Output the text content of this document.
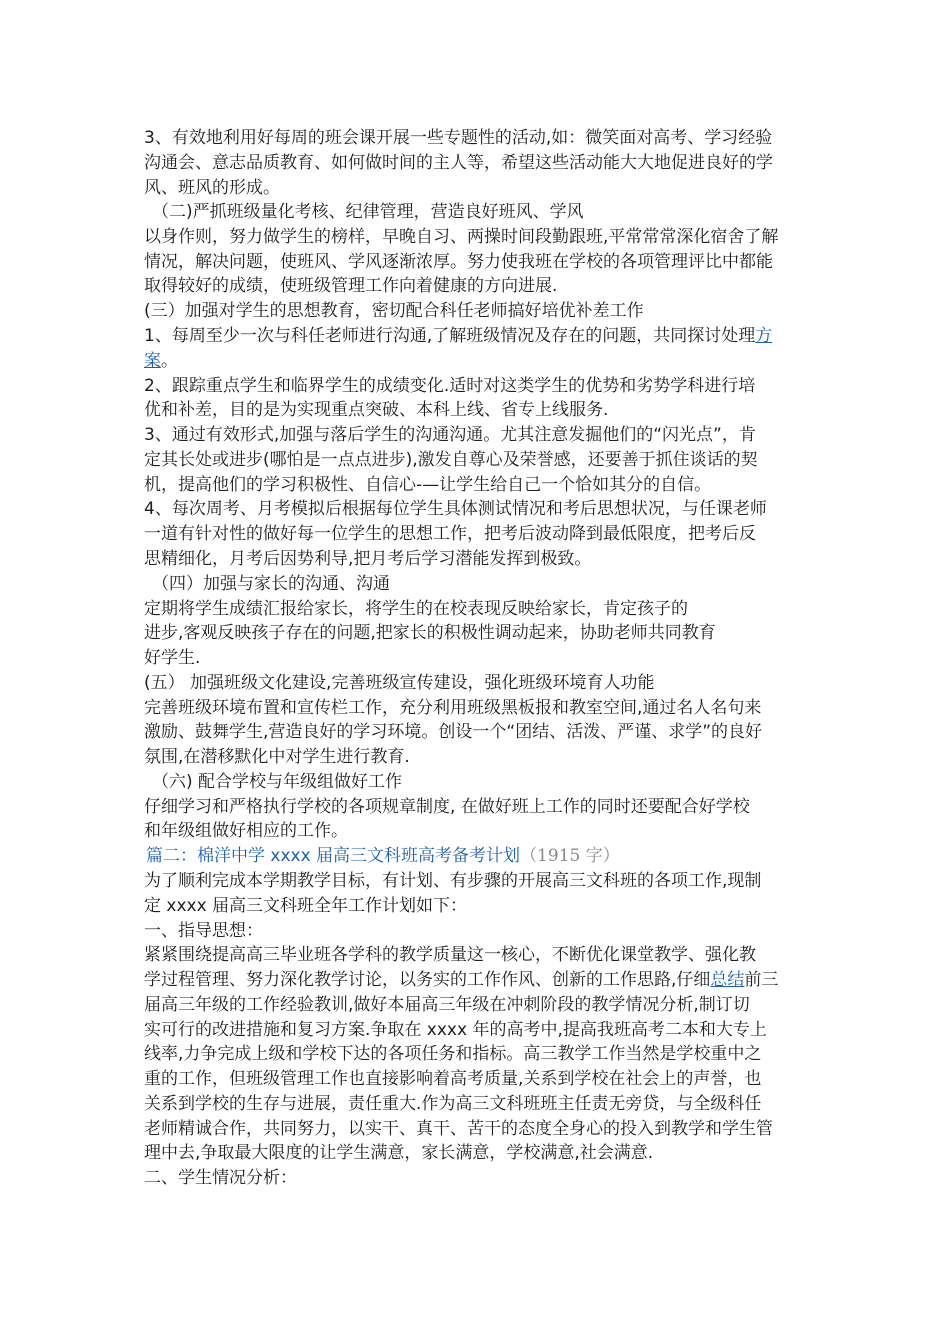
3、有效地利用好每周的班会课开展一些专题性的活动,如：微笑面对高考、学习经验
沟通会、意志品质教育、如何做时间的主人等，希望这些活动能大大地促进良好的学
风、班风的形成。
（二)严抓班级量化考核、纪律管理，营造良好班风、学风
以身作则，努力做学生的榜样，早晚自习、两操时间段勤跟班,平常常常深化宿舍了解
情况，解决问题，使班风、学风逐渐浓厚。努力使我班在学校的各项管理评比中都能
取得较好的成绩，使班级管理工作向着健康的方向进展.
(三）加强对学生的思想教育，密切配合科任老师搞好培优补差工作
1、每周至少一次与科任老师进行沟通,了解班级情况及存在的问题，共同探讨处理方
案。
2、跟踪重点学生和临界学生的成绩变化.适时对这类学生的优势和劣势学科进行培
优和补差，目的是为实现重点突破、本科上线、省专上线服务.
3、通过有效形式,加强与落后学生的沟通沟通。尤其注意发掘他们的“闪光点”，肯
定其长处或进步(哪怕是一点点进步),激发自尊心及荣誉感，还要善于抓住谈话的契
机，提高他们的学习积极性、自信心-—让学生给自己一个恰如其分的自信。
4、每次周考、月考模拟后根据每位学生具体测试情况和考后思想状况，与任课老师
一道有针对性的做好每一位学生的思想工作，把考后波动降到最低限度，把考后反
思精细化，月考后因势利导,把月考后学习潜能发挥到极致。
（四）加强与家长的沟通、沟通
定期将学生成绩汇报给家长，将学生的在校表现反映给家长，肯定孩子的
进步,客观反映孩子存在的问题,把家长的积极性调动起来，协助老师共同教育
好学生.
(五） 加强班级文化建设,完善班级宣传建设，强化班级环境育人功能
完善班级环境布置和宣传栏工作，充分利用班级黑板报和教室空间,通过名人名句来
激励、鼓舞学生,营造良好的学习环境。创设一个“团结、活泼、严谨、求学”的良好
氛围,在潜移默化中对学生进行教育.
（六) 配合学校与年级组做好工作
仔细学习和严格执行学校的各项规章制度, 在做好班上工作的同时还要配合好学校
和年级组做好相应的工作。
篇二：棉洋中学 xxxx 届高三文科班高考备考计划（1915 字）
为了顺利完成本学期教学目标，有计划、有步骤的开展高三文科班的各项工作,现制
定 xxxx 届高三文科班全年工作计划如下：
一、指导思想：
紧紧围绕提高高三毕业班各学科的教学质量这一核心，不断优化课堂教学、强化教
学过程管理、努力深化教学讨论，以务实的工作作风、创新的工作思路,仔细总结前三
届高三年级的工作经验教训,做好本届高三年级在冲刺阶段的教学情况分析,制订切
实可行的改进措施和复习方案.争取在 xxxx 年的高考中,提高我班高考二本和大专上
线率,力争完成上级和学校下达的各项任务和指标。高三教学工作当然是学校重中之
重的工作，但班级管理工作也直接影响着高考质量,关系到学校在社会上的声誉，也
关系到学校的生存与进展，责任重大.作为高三文科班班主任责无旁贷，与全级科任
老师精诚合作，共同努力，以实干、真干、苦干的态度全身心的投入到教学和学生管
理中去,争取最大限度的让学生满意，家长满意，学校满意,社会满意.
二、学生情况分析：
